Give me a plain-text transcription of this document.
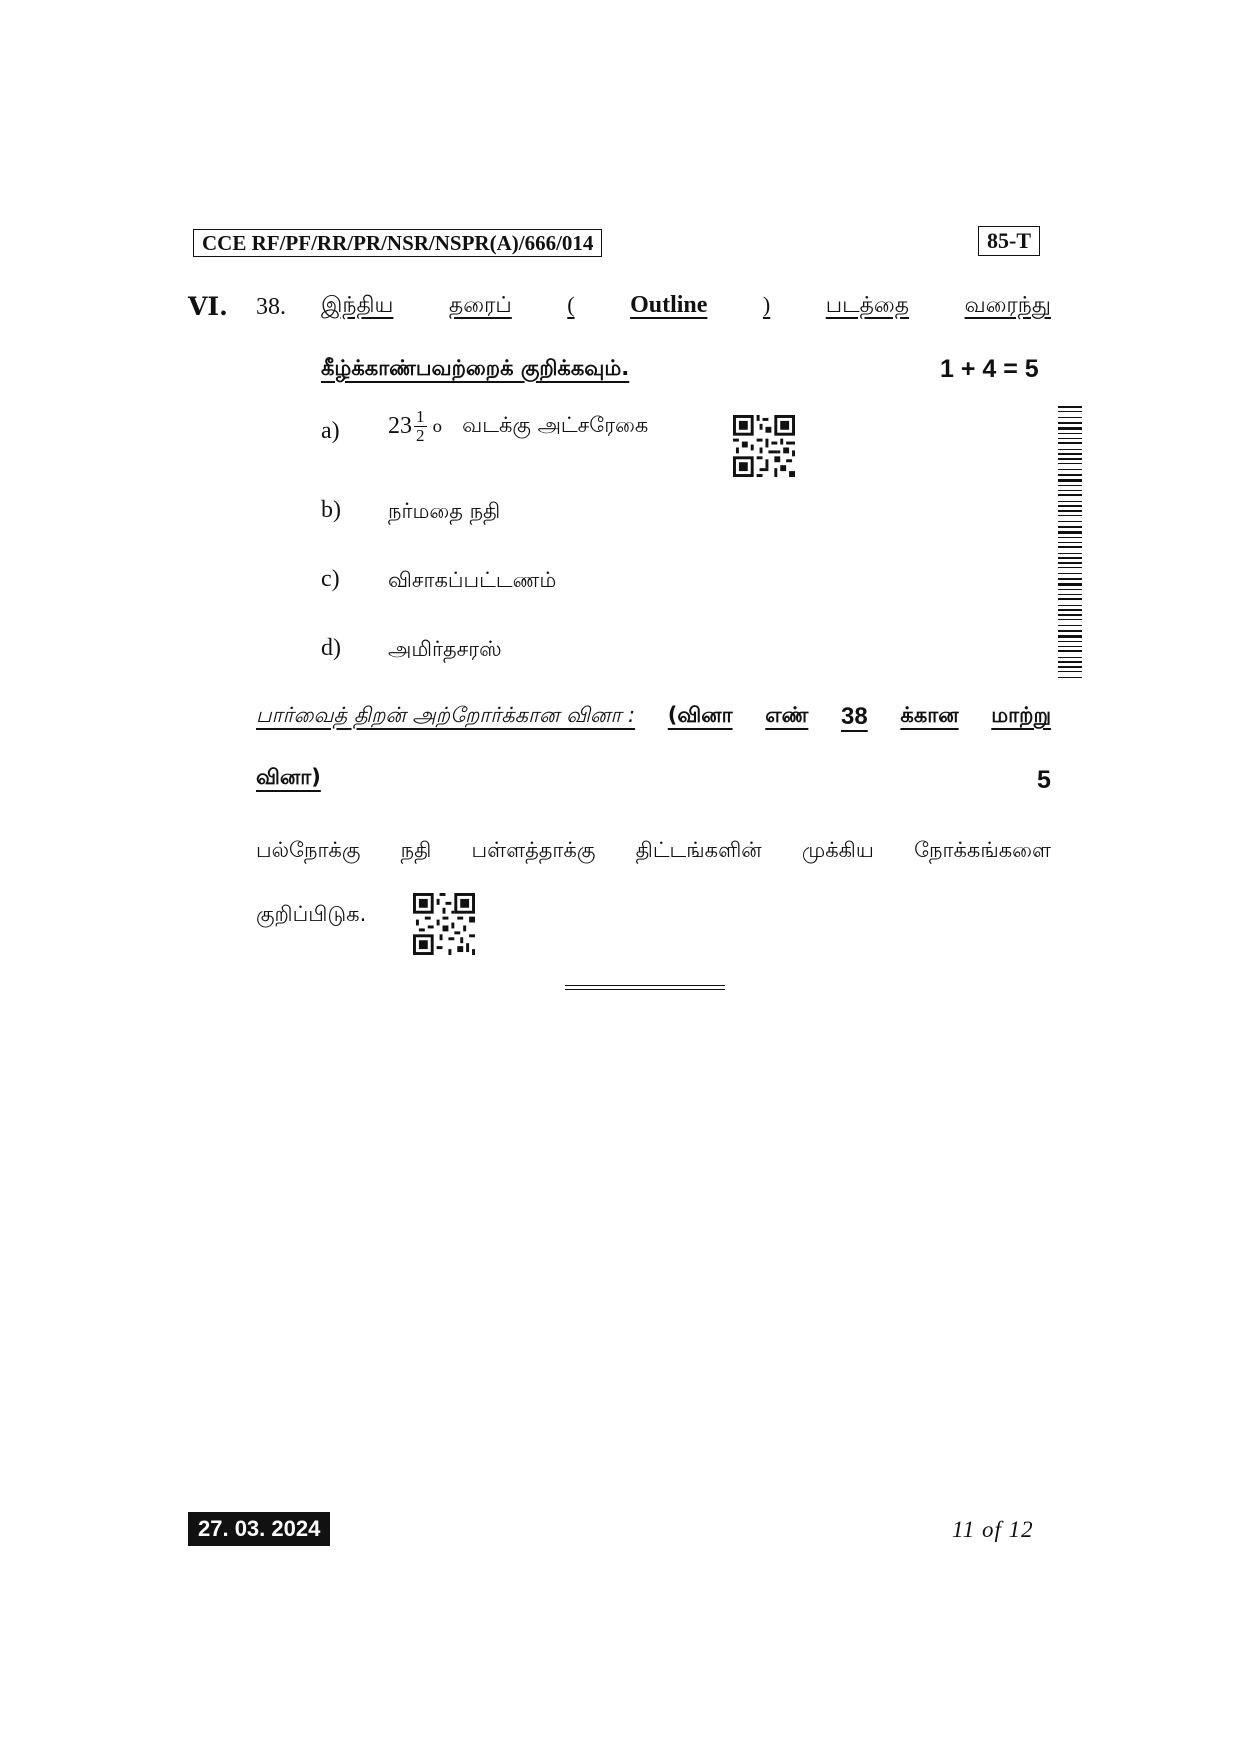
CCE RF/PF/RR/PR/NSR/NSPR(A)/666/014	85-T
VI. 38. இந்திய	தரைப்	( Outline	)	படத்தை	வரைந்து
கீழ்க்காண்பவற்றைக் குறிக்கவும்.	1 + 4 = 5
a) $23 \frac{1}{2}$ o வடக்கு அட்சரேகை
b) நர்மதை நதி
c) விசாகப்பட்டணம்
d) அமிர்தசரஸ்
பார்வைத் திறன் அற்றோர்க்கான வினா : (வினா எண் 38 க்கான மாற்று
வினா)	5
பல்நோக்கு நதி பள்ளத்தாக்கு திட்டங்களின் முக்கிய நோக்கங்களை
குறிப்பிடுக.
27. 03. 2024	11 of 12
